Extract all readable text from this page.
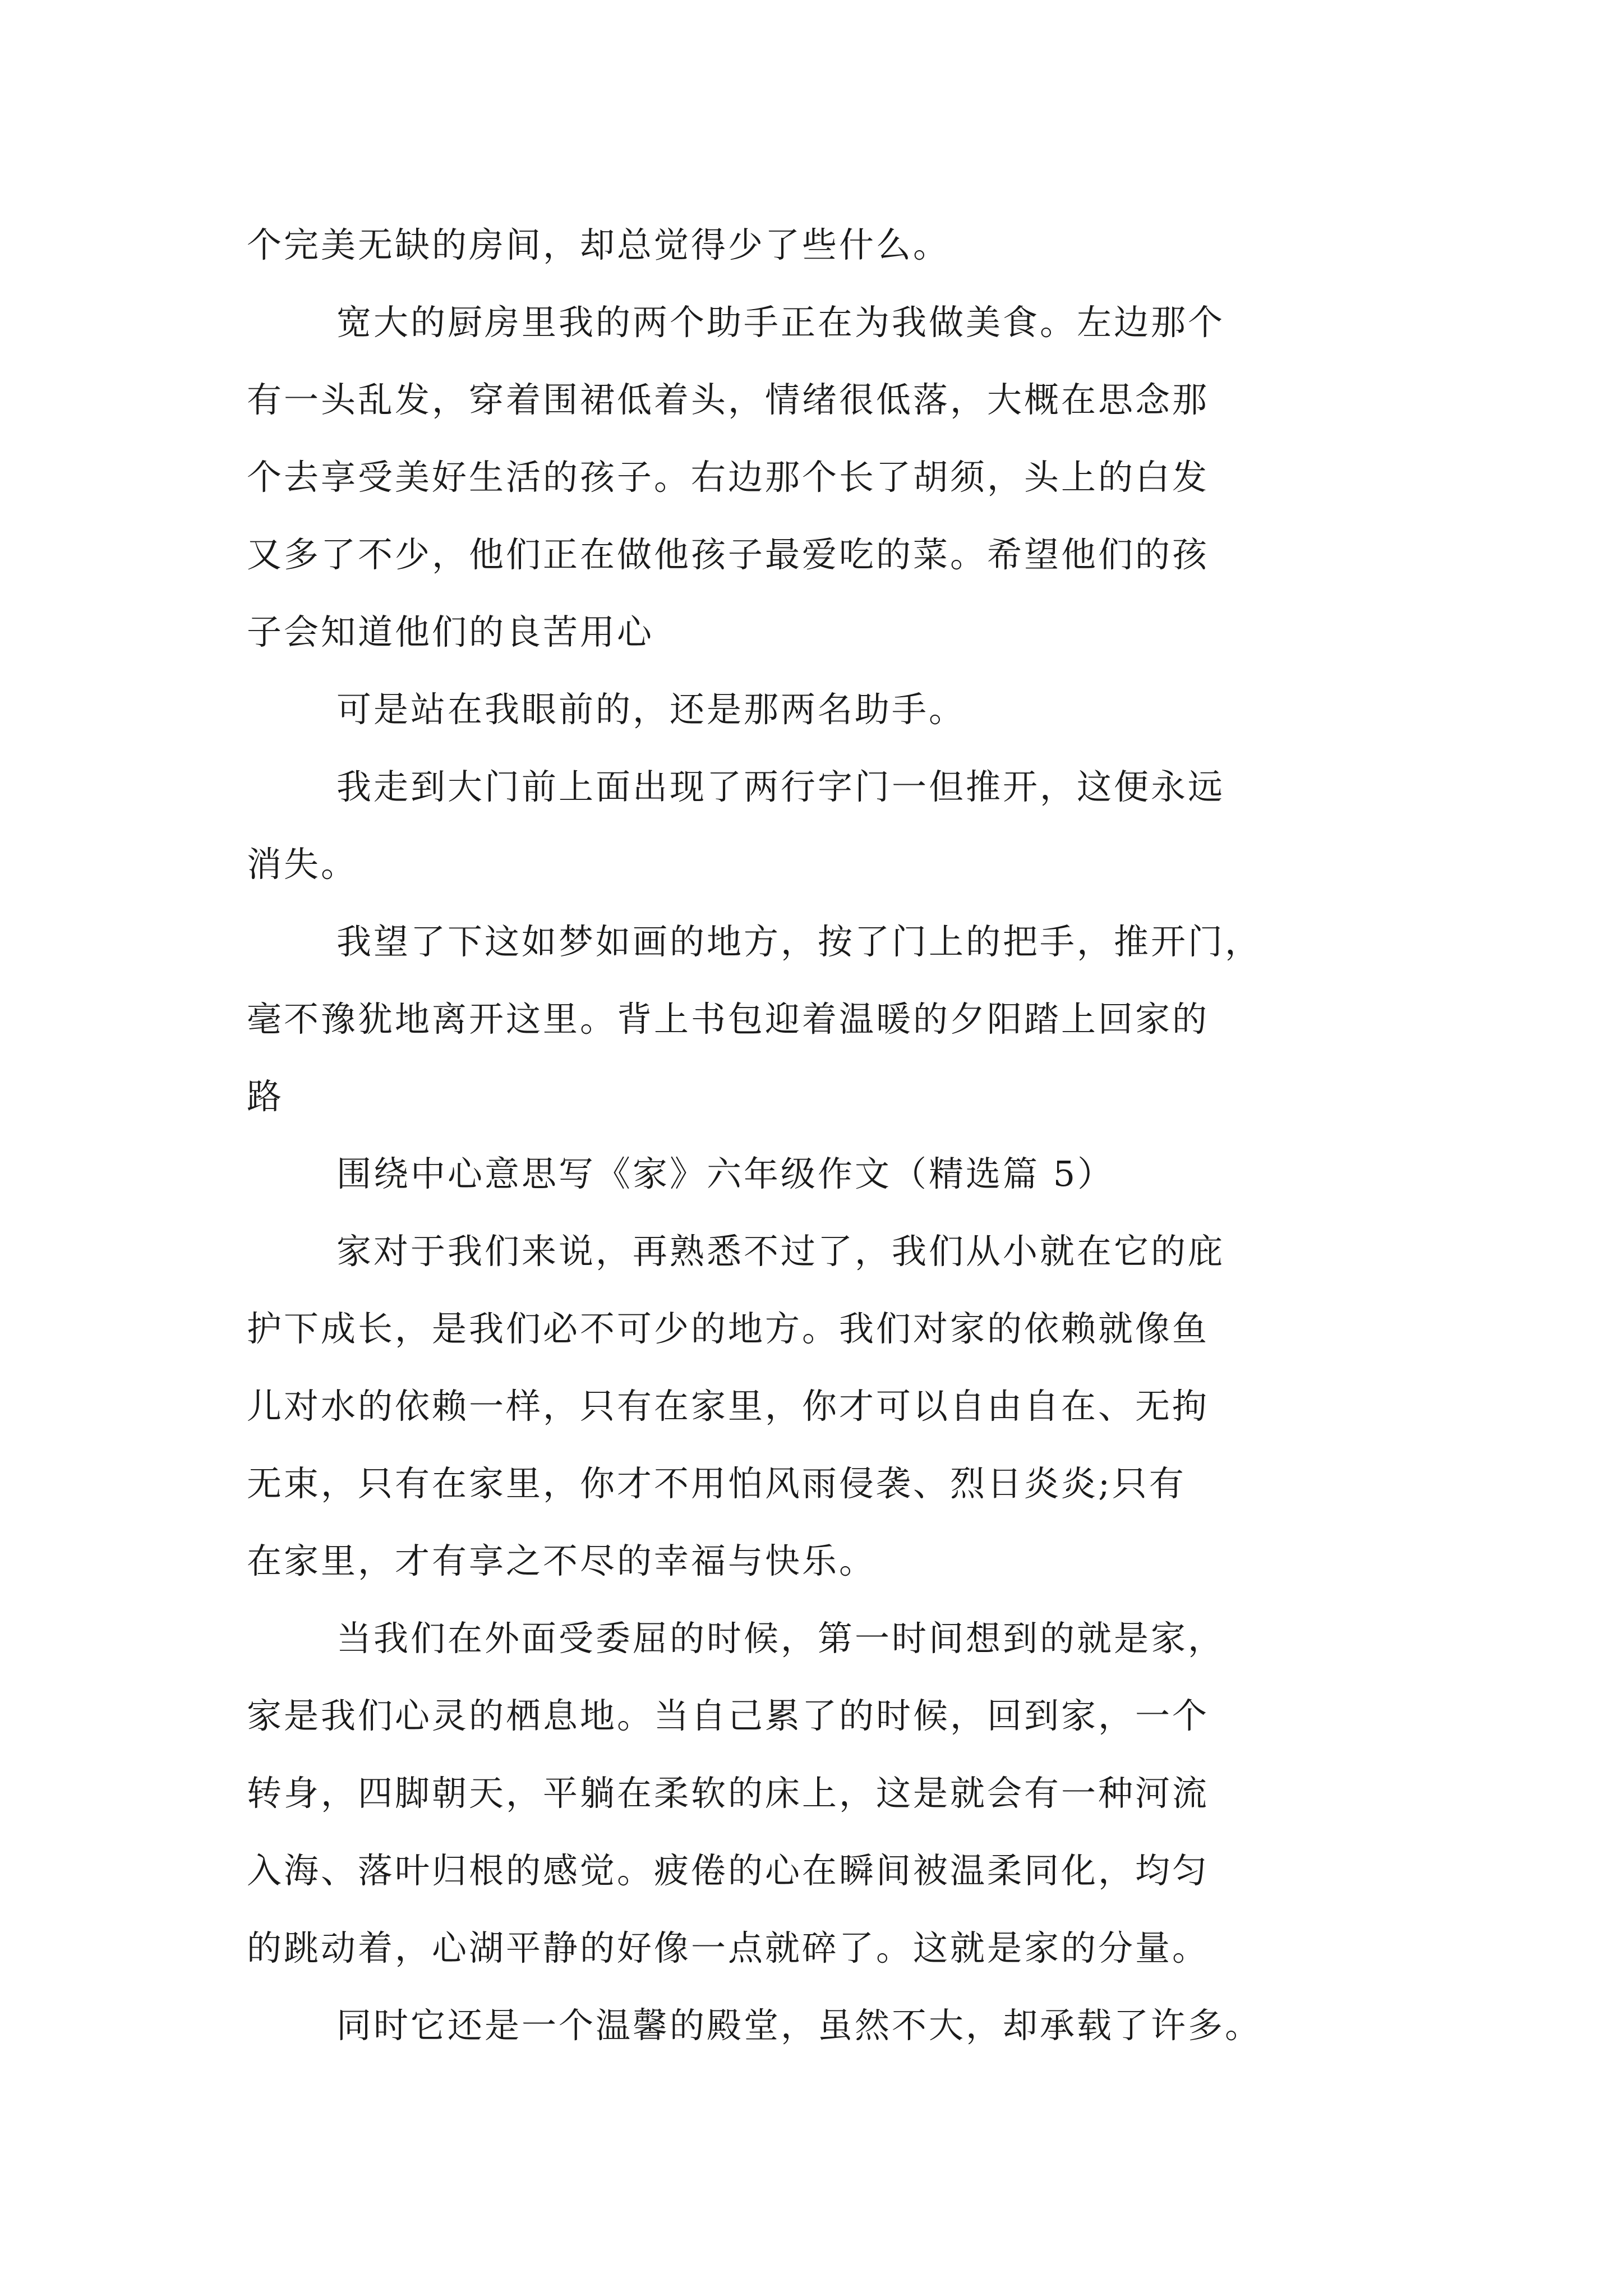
个完美无缺的房间，却总觉得少了些什么。
宽大的厨房里我的两个助手正在为我做美食。左边那个
有一头乱发，穿着围裙低着头，情绪很低落，大概在思念那
个去享受美好生活的孩子。右边那个长了胡须，头上的白发
又多了不少，他们正在做他孩子最爱吃的菜。希望他们的孩
子会知道他们的良苦用心
可是站在我眼前的，还是那两名助手。
我走到大门前上面出现了两行字门一但推开，这便永远
消失。
我望了下这如梦如画的地方，按了门上的把手，推开门，
毫不豫犹地离开这里。背上书包迎着温暖的夕阳踏上回家的
路
围绕中心意思写《家》六年级作文（精选篇 5）
家对于我们来说，再熟悉不过了，我们从小就在它的庇
护下成长，是我们必不可少的地方。我们对家的依赖就像鱼
儿对水的依赖一样，只有在家里，你才可以自由自在、无拘
无束，只有在家里，你才不用怕风雨侵袭、烈日炎炎;只有
在家里，才有享之不尽的幸福与快乐。
当我们在外面受委屈的时候，第一时间想到的就是家，
家是我们心灵的栖息地。当自己累了的时候，回到家，一个
转身，四脚朝天，平躺在柔软的床上，这是就会有一种河流
入海、落叶归根的感觉。疲倦的心在瞬间被温柔同化，均匀
的跳动着，心湖平静的好像一点就碎了。这就是家的分量。
同时它还是一个温馨的殿堂，虽然不大，却承载了许多。
